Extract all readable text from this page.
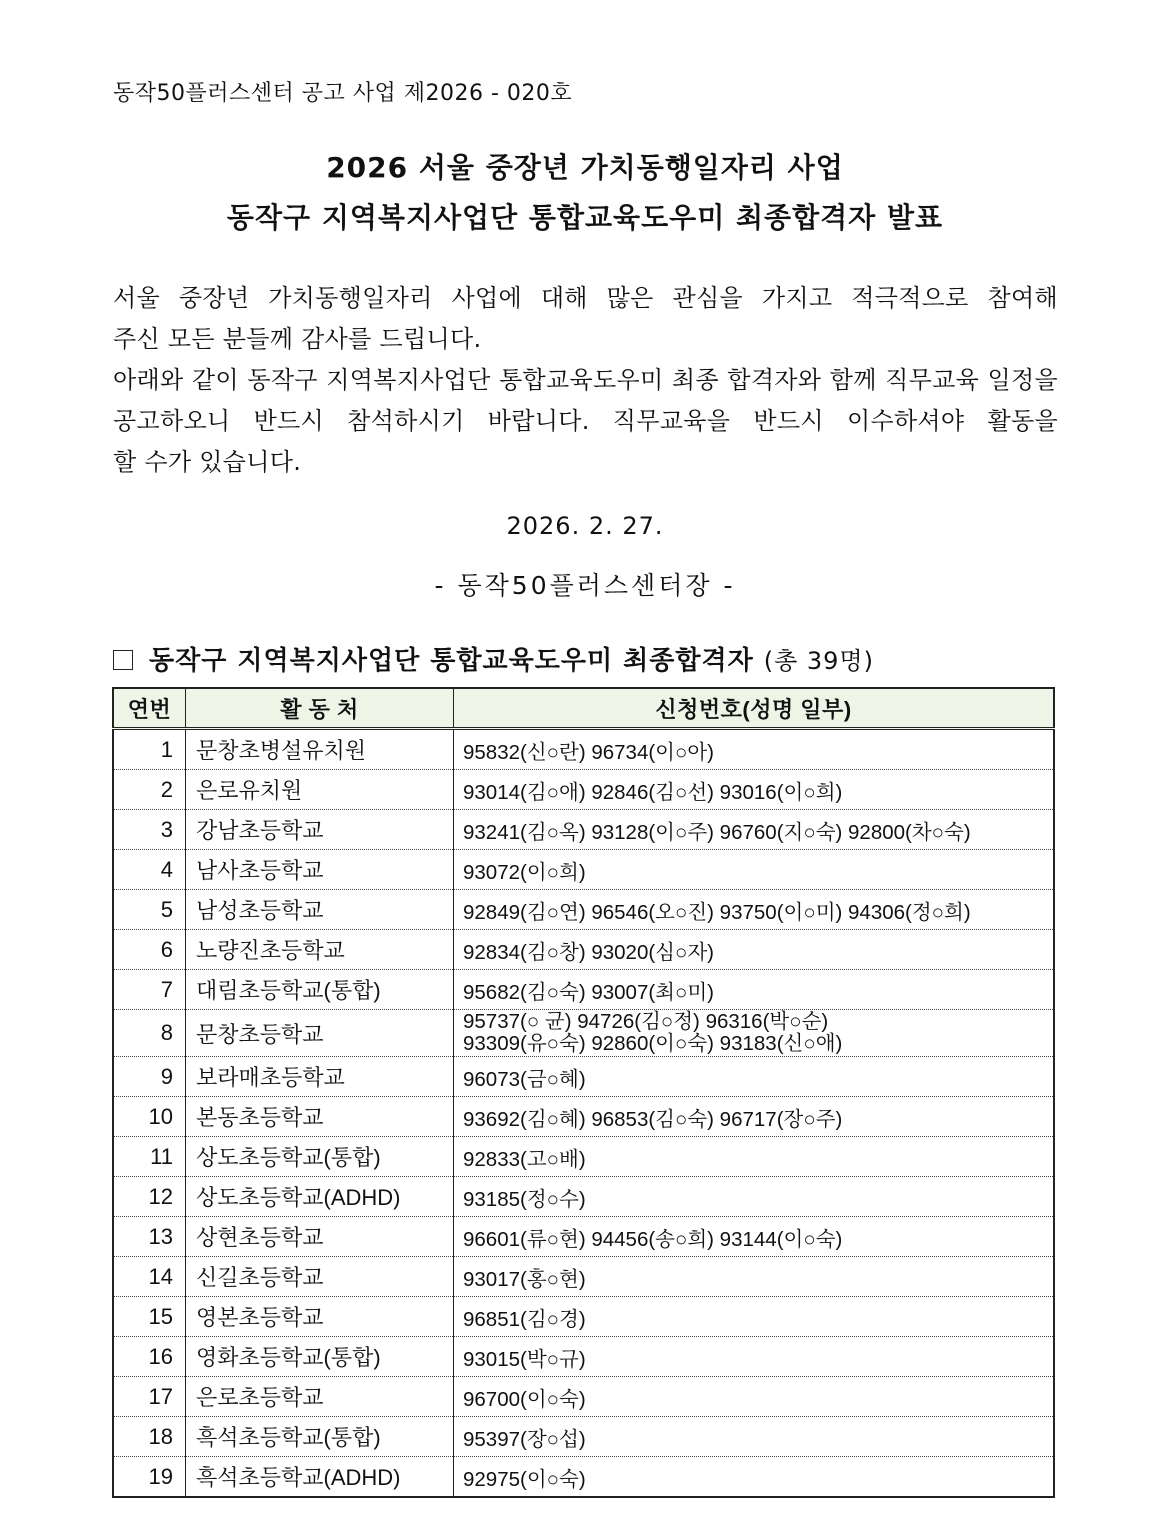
동작50플러스센터 공고 사업 제2026 - 020호
2026 서울 중장년 가치동행일자리 사업
동작구 지역복지사업단 통합교육도우미 최종합격자 발표

서울 중장년 가치동행일자리 사업에 대해 많은 관심을 가지고 적극적으로 참여해

주신 모든 분들께 감사를 드립니다.

아래와 같이 동작구 지역복지사업단 통합교육도우미 최종 합격자와 함께 직무교육 일정을

공고하오니 반드시 참석하시기 바랍니다. 직무교육을 반드시 이수하셔야 활동을

할 수가 있습니다.

2026. 2. 27.
- 동작50플러스센터장 -
동작구 지역복지사업단 통합교육도우미 최종합격자 (총 39명)
연번	활 동 처	신청번호(성명 일부)
1	문창초병설유치원	95832(신○란) 96734(이○아)
2	은로유치원	93014(김○애) 92846(김○선) 93016(이○희)
3	강남초등학교	93241(김○옥) 93128(이○주) 96760(지○숙) 92800(차○숙)
4	남사초등학교	93072(이○희)
5	남성초등학교	92849(김○연) 96546(오○진) 93750(이○미) 94306(정○희)
6	노량진초등학교	92834(김○창) 93020(심○자)
7	대림초등학교(통합)	95682(김○숙) 93007(최○미)
8	문창초등학교	95737(○ 균) 94726(김○정) 96316(박○순)
93309(유○숙) 92860(이○숙) 93183(신○애)

9	보라매초등학교	96073(금○혜)
10	본동초등학교	93692(김○혜) 96853(김○숙) 96717(장○주)
11	상도초등학교(통합)	92833(고○배)
12	상도초등학교(ADHD)	93185(정○수)
13	상현초등학교	96601(류○현) 94456(송○희) 93144(이○숙)
14	신길초등학교	93017(홍○현)
15	영본초등학교	96851(김○경)
16	영화초등학교(통합)	93015(박○규)
17	은로초등학교	96700(이○숙)
18	흑석초등학교(통합)	95397(장○섭)
19	흑석초등학교(ADHD)	92975(이○숙)
